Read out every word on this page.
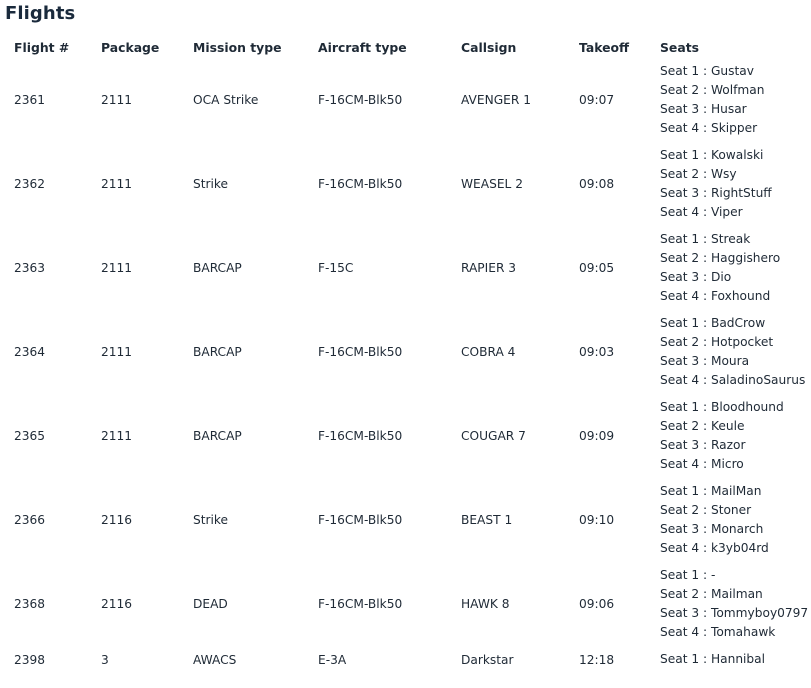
Flights
Flight #	Package	Mission type	Aircraft type	Callsign	Takeoff	Seats
2361	2111	OCA Strike	F-16CM-Blk50	AVENGER 1	09:07	Seat 1 : Gustav
Seat 2 : Wolfman
Seat 3 : Husar
Seat 4 : Skipper

2362	2111	Strike	F-16CM-Blk50	WEASEL 2	09:08	Seat 1 : Kowalski
Seat 2 : Wsy
Seat 3 : RightStuff
Seat 4 : Viper

2363	2111	BARCAP	F-15C	RAPIER 3	09:05	Seat 1 : Streak
Seat 2 : Haggishero
Seat 3 : Dio
Seat 4 : Foxhound

2364	2111	BARCAP	F-16CM-Blk50	COBRA 4	09:03	Seat 1 : BadCrow
Seat 2 : Hotpocket
Seat 3 : Moura
Seat 4 : SaladinoSaurus

2365	2111	BARCAP	F-16CM-Blk50	COUGAR 7	09:09	Seat 1 : Bloodhound
Seat 2 : Keule
Seat 3 : Razor
Seat 4 : Micro

2366	2116	Strike	F-16CM-Blk50	BEAST 1	09:10	Seat 1 : MailMan
Seat 2 : Stoner
Seat 3 : Monarch
Seat 4 : k3yb04rd

2368	2116	DEAD	F-16CM-Blk50	HAWK 8	09:06	Seat 1 : -
Seat 2 : Mailman
Seat 3 : Tommyboy0797
Seat 4 : Tomahawk

2398	3	AWACS	E-3A	Darkstar	12:18	Seat 1 : Hannibal
